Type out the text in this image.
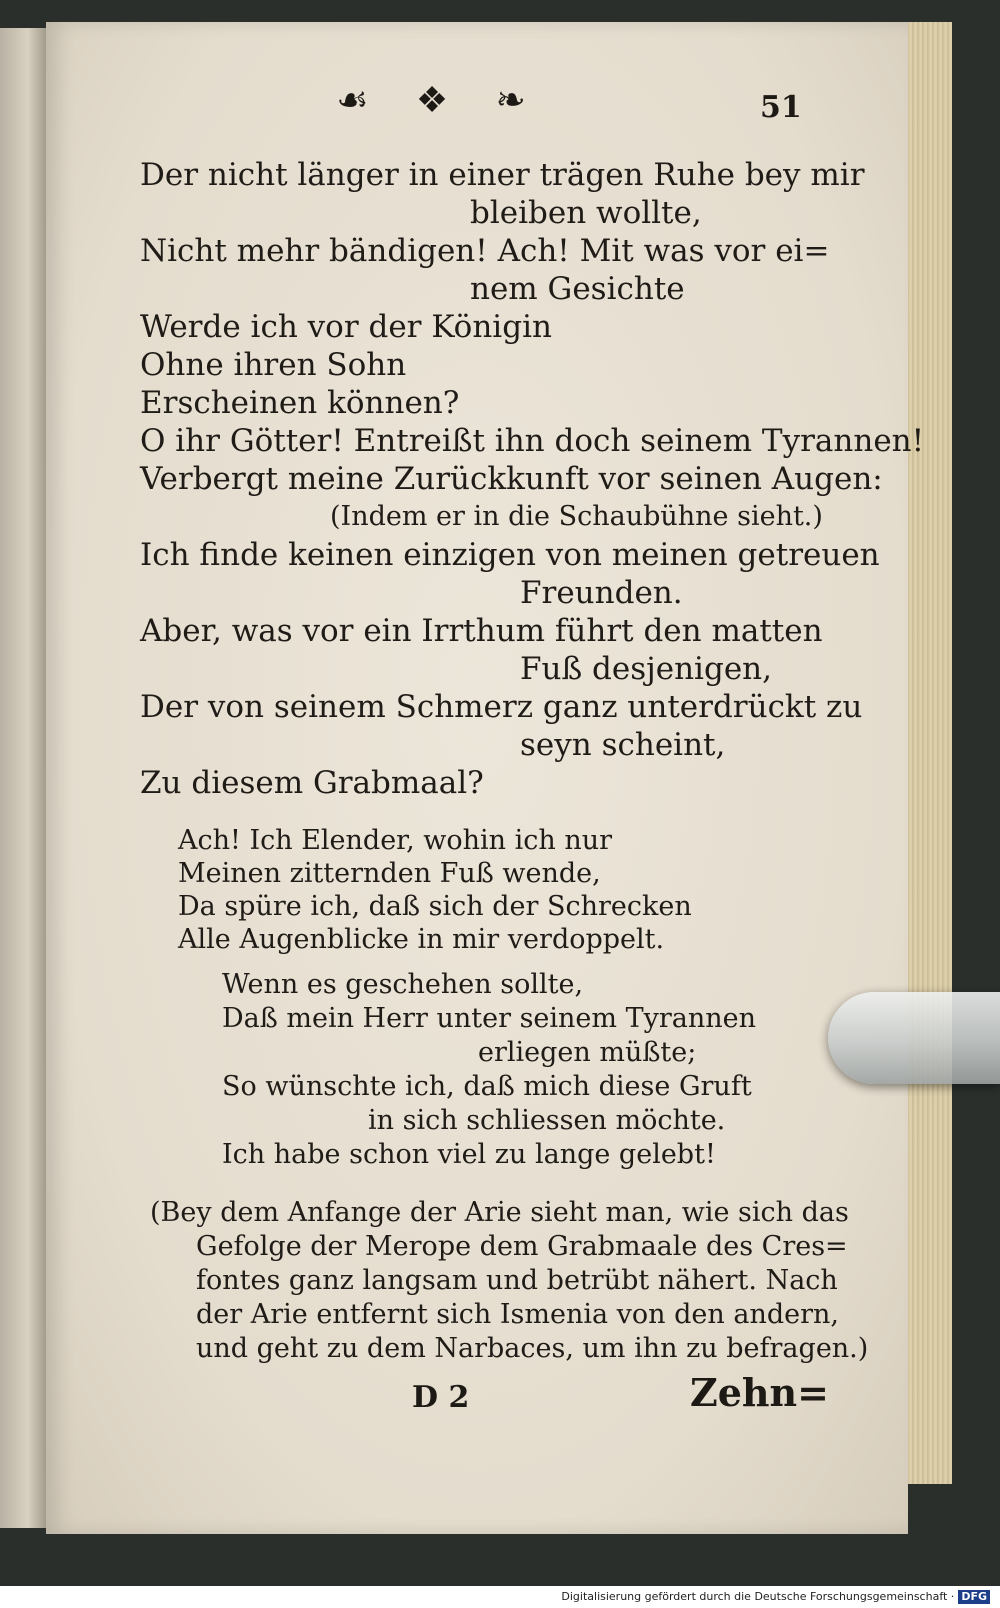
☙ ❖ ❧	51
Der nicht länger in einer trägen Ruhe bey mir
bleiben wollte,
Nicht mehr bändigen! Ach! Mit was vor ei=
nem Gesichte
Werde ich vor der Königin
Ohne ihren Sohn
Erscheinen können?
O ihr Götter! Entreißt ihn doch seinem Tyrannen!
Verbergt meine Zurückkunft vor seinen Augen:
(Indem er in die Schaubühne sieht.)
Ich finde keinen einzigen von meinen getreuen
Freunden.
Aber, was vor ein Irrthum führt den matten
Fuß desjenigen,
Der von seinem Schmerz ganz unterdrückt zu
seyn scheint,
Zu diesem Grabmaal?
Ach! Ich Elender, wohin ich nur
Meinen zitternden Fuß wende,
Da spüre ich, daß sich der Schrecken
Alle Augenblicke in mir verdoppelt.
Wenn es geschehen sollte,
Daß mein Herr unter seinem Tyrannen
erliegen müßte;
So wünschte ich, daß mich diese Gruft
in sich schliessen möchte.
Ich habe schon viel zu lange gelebt!
(Bey dem Anfange der Arie sieht man, wie sich das
Gefolge der Merope dem Grabmaale des Cres=
fontes ganz langsam und betrübt nähert. Nach
der Arie entfernt sich Ismenia von den andern,
und geht zu dem Narbaces, um ihn zu befragen.)
D 2	Zehn=
Digitalisierung gefördert durch die Deutsche Forschungsgemeinschaft · DFG
